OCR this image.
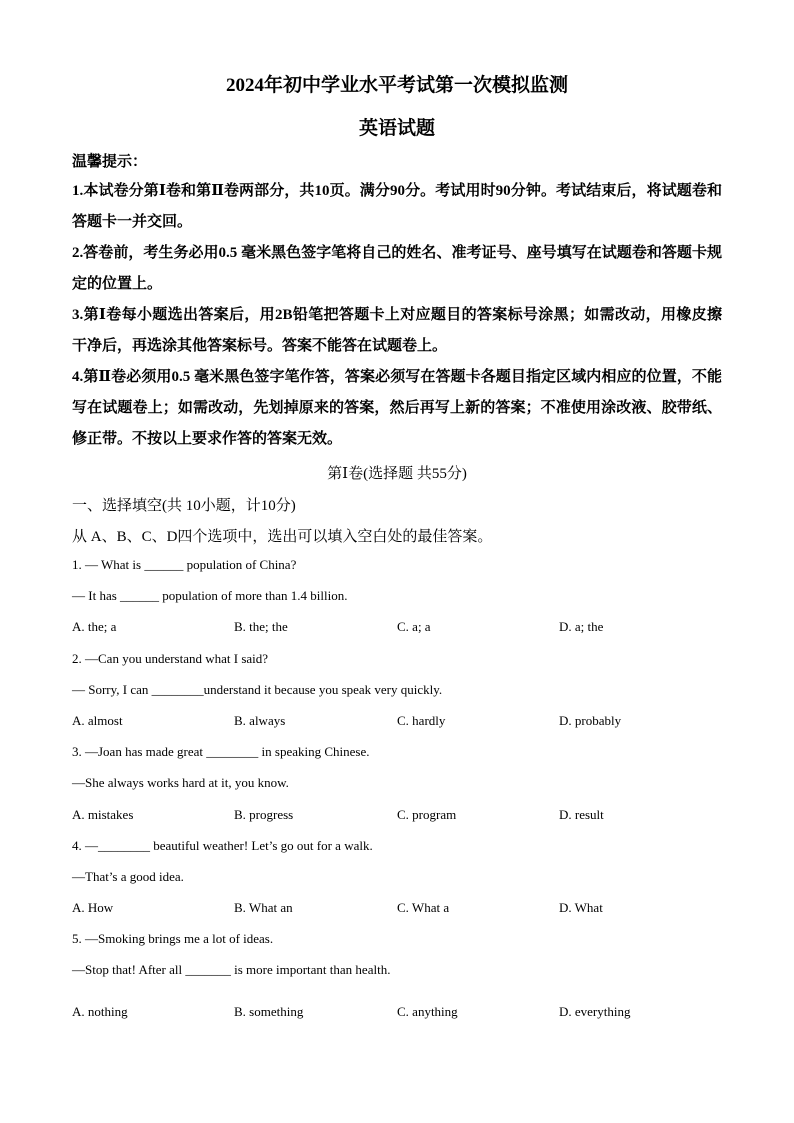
2024年初中学业水平考试第一次模拟监测
英语试题
温馨提示：
1.本试卷分第Ⅰ卷和第Ⅱ卷两部分，共10页。满分90分。考试用时90分钟。考试结束后，将试题卷和答题卡一并交回。
2.答卷前，考生务必用0.5 毫米黑色签字笔将自己的姓名、准考证号、座号填写在试题卷和答题卡规定的位置上。
3.第Ⅰ卷每小题选出答案后，用2B铅笔把答题卡上对应题目的答案标号涂黑；如需改动，用橡皮擦干净后，再选涂其他答案标号。答案不能答在试题卷上。
4.第Ⅱ卷必须用0.5 毫米黑色签字笔作答，答案必须写在答题卡各题目指定区域内相应的位置，不能写在试题卷上；如需改动，先划掉原来的答案，然后再写上新的答案；不准使用涂改液、胶带纸、修正带。不按以上要求作答的答案无效。
第Ⅰ卷(选择题 共55分)
一、选择填空(共 10小题，计10分)
从 A、B、C、D四个选项中，选出可以填入空白处的最佳答案。
1. — What is ______ population of China?
— It has ______ population of more than 1.4 billion.
A. the; a	B. the; the	C. a; a	D. a; the
2. —Can you understand what I said?
— Sorry, I can ________understand it because you speak very quickly.
A. almost	B. always	C. hardly	D. probably
3. —Joan has made great ________ in speaking Chinese.
—She always works hard at it, you know.
A. mistakes	B. progress	C. program	D. result
4. —________ beautiful weather! Let’s go out for a walk.
—That’s a good idea.
A. How	B. What an	C. What a	D. What
5. —Smoking brings me a lot of ideas.
—Stop that! After all _______ is more important than health.
A. nothing	B. something	C. anything	D. everything
